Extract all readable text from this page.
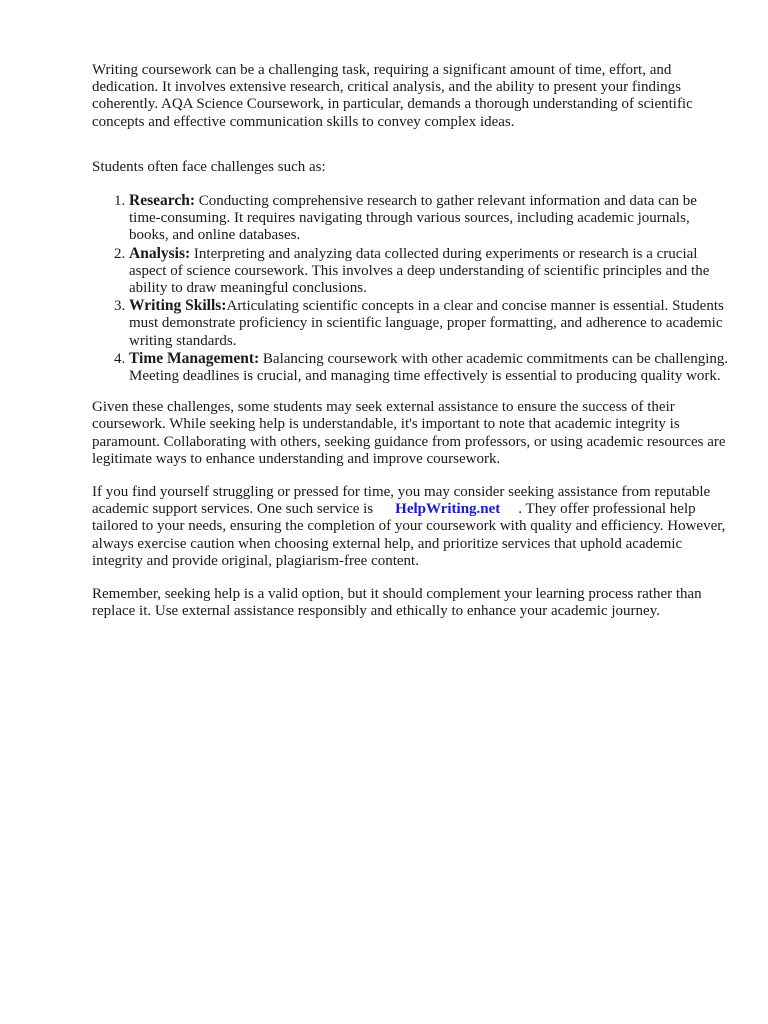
Writing coursework can be a challenging task, requiring a significant amount of time, effort, and dedication. It involves extensive research, critical analysis, and the ability to present your findings coherently. AQA Science Coursework, in particular, demands a thorough understanding of scientific concepts and effective communication skills to convey complex ideas.

Students often face challenges such as:

1. Research: Conducting comprehensive research to gather relevant information and data can be time-consuming. It requires navigating through various sources, including academic journals, books, and online databases.
2. Analysis: Interpreting and analyzing data collected during experiments or research is a crucial aspect of science coursework. This involves a deep understanding of scientific principles and the ability to draw meaningful conclusions.
3. Writing Skills:Articulating scientific concepts in a clear and concise manner is essential. Students must demonstrate proficiency in scientific language, proper formatting, and adherence to academic writing standards.
4. Time Management: Balancing coursework with other academic commitments can be challenging. Meeting deadlines is crucial, and managing time effectively is essential to producing quality work.

Given these challenges, some students may seek external assistance to ensure the success of their coursework. While seeking help is understandable, it's important to note that academic integrity is paramount. Collaborating with others, seeking guidance from professors, or using academic resources are legitimate ways to enhance understanding and improve coursework.

If you find yourself struggling or pressed for time, you may consider seeking assistance from reputable academic support services. One such service is HelpWriting.net . They offer professional help tailored to your needs, ensuring the completion of your coursework with quality and efficiency. However, always exercise caution when choosing external help, and prioritize services that uphold academic integrity and provide original, plagiarism-free content.

Remember, seeking help is a valid option, but it should complement your learning process rather than replace it. Use external assistance responsibly and ethically to enhance your academic journey.
